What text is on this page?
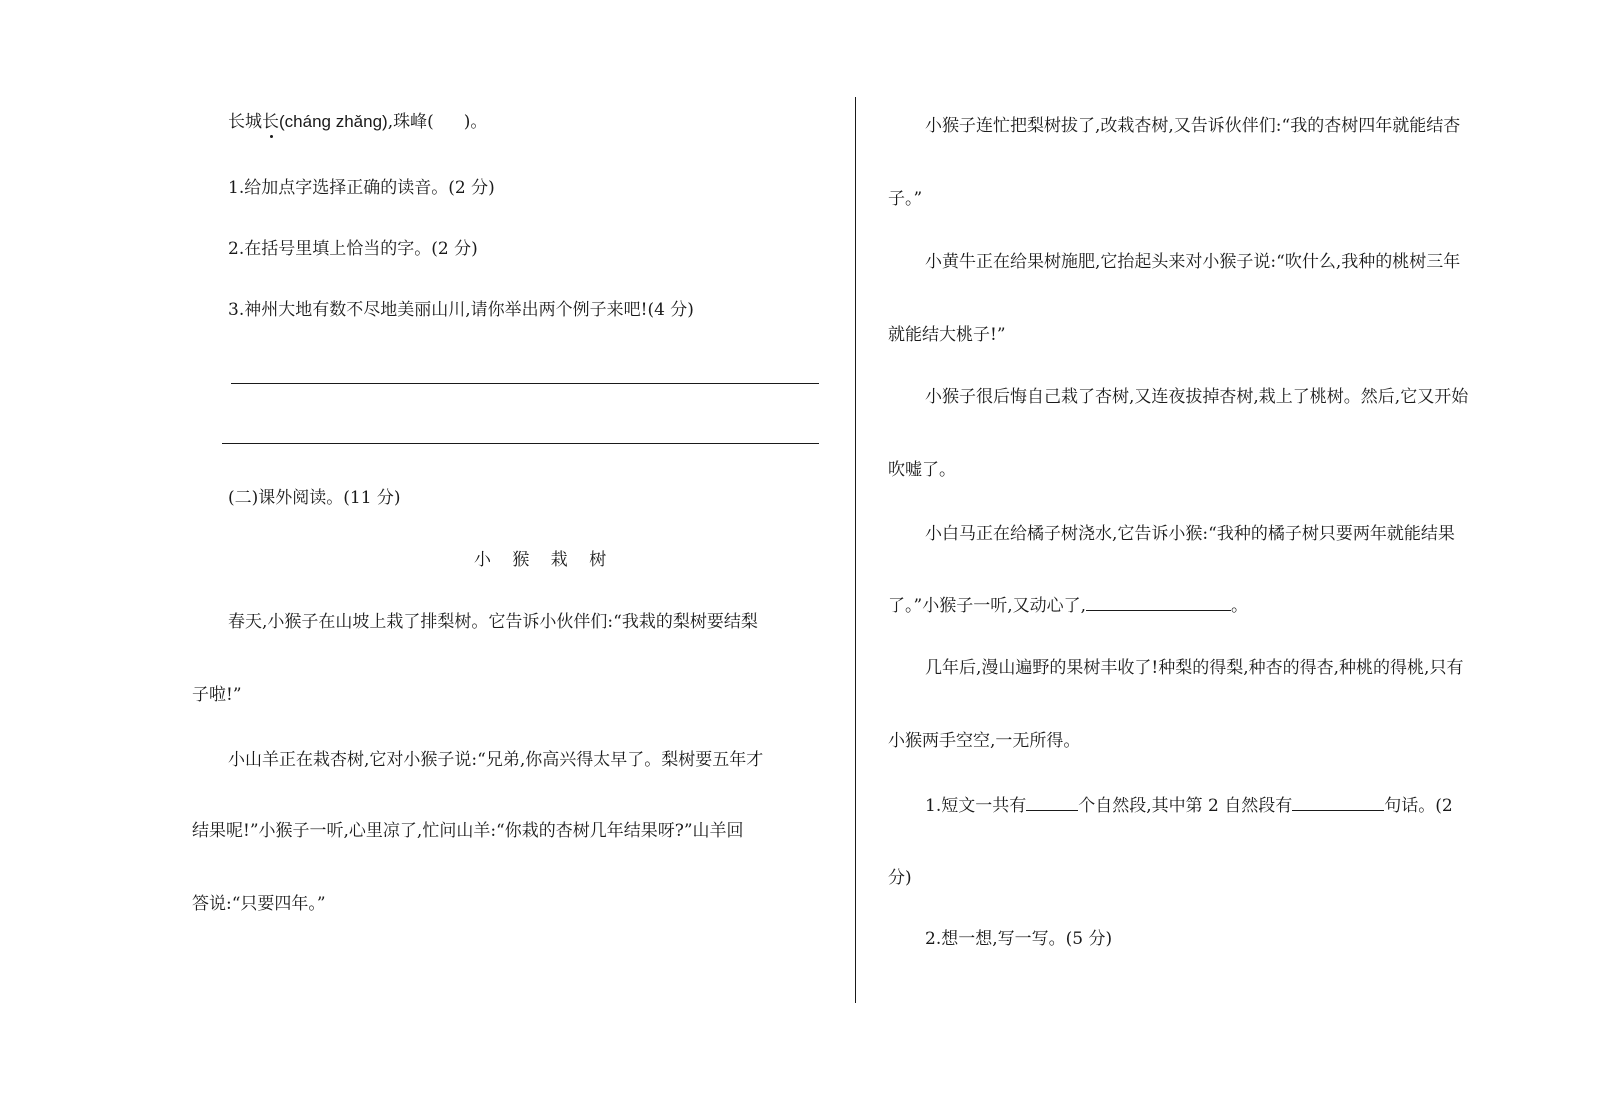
长城长(cháng zhǎng),珠峰( )。
1.给加点字选择正确的读音。(2 分)
2.在括号里填上恰当的字。(2 分)
3.神州大地有数不尽地美丽山川,请你举出两个例子来吧!(4 分)
(二)课外阅读。(11 分)
小 猴 栽 树
春天,小猴子在山坡上栽了排梨树。它告诉小伙伴们:“我栽的梨树要结梨
子啦!”
小山羊正在栽杏树,它对小猴子说:“兄弟,你高兴得太早了。梨树要五年才
结果呢!”小猴子一听,心里凉了,忙问山羊:“你栽的杏树几年结果呀?”山羊回
答说:“只要四年。”
小猴子连忙把梨树拔了,改栽杏树,又告诉伙伴们:“我的杏树四年就能结杏
子。”
小黄牛正在给果树施肥,它抬起头来对小猴子说:“吹什么,我种的桃树三年
就能结大桃子!”
小猴子很后悔自己栽了杏树,又连夜拔掉杏树,栽上了桃树。然后,它又开始
吹嘘了。
小白马正在给橘子树浇水,它告诉小猴:“我种的橘子树只要两年就能结果
了。”小猴子一听,又动心了,	。
几年后,漫山遍野的果树丰收了!种梨的得梨,种杏的得杏,种桃的得桃,只有
小猴两手空空,一无所得。
1.短文一共有	个自然段,其中第 2 自然段有	句话。(2
分)
2.想一想,写一写。(5 分)
